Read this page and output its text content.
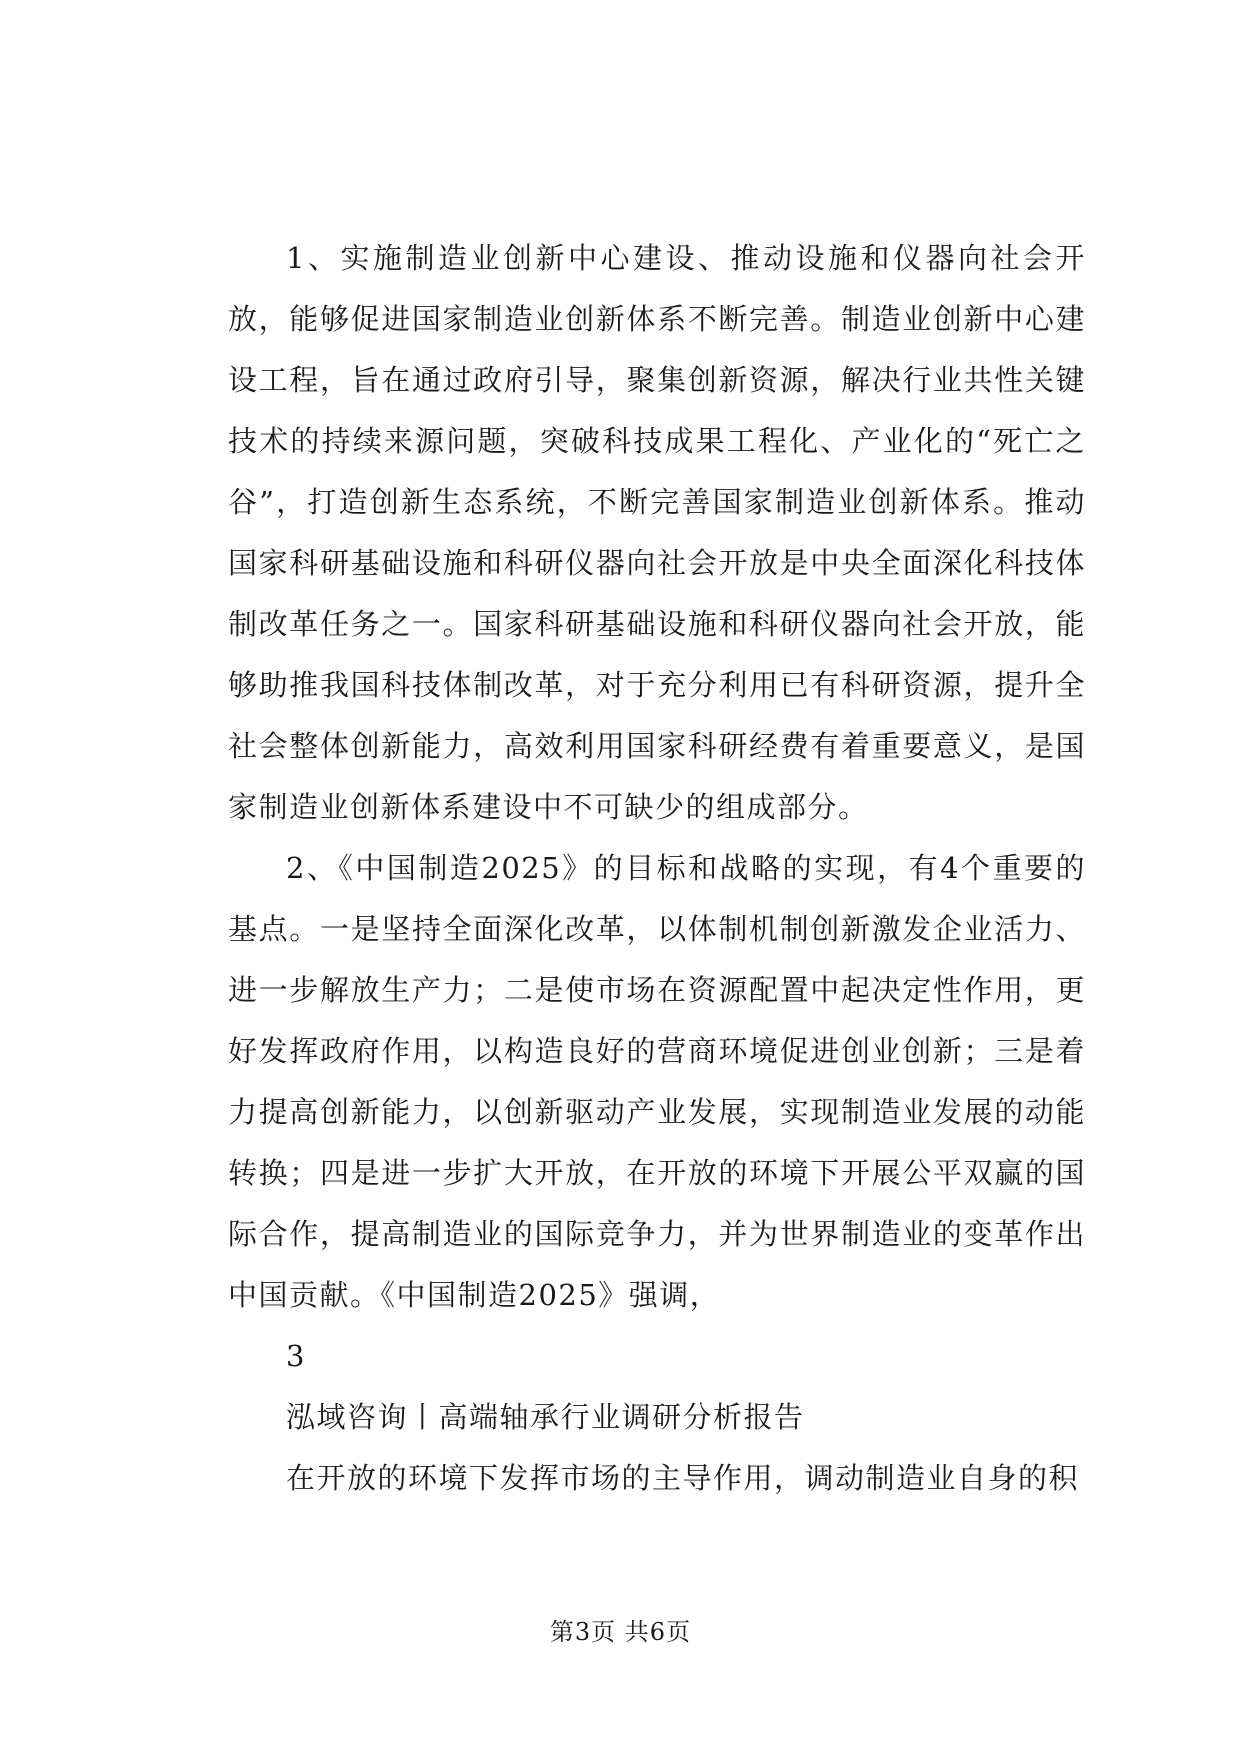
1、实施制造业创新中心建设、推动设施和仪器向社会开放，能够促进国家制造业创新体系不断完善。制造业创新中心建设工程，旨在通过政府引导，聚集创新资源，解决行业共性关键技术的持续来源问题，突破科技成果工程化、产业化的“死亡之谷”，打造创新生态系统，不断完善国家制造业创新体系。推动国家科研基础设施和科研仪器向社会开放是中央全面深化科技体制改革任务之一。国家科研基础设施和科研仪器向社会开放，能够助推我国科技体制改革，对于充分利用已有科研资源，提升全社会整体创新能力，高效利用国家科研经费有着重要意义，是国家制造业创新体系建设中不可缺少的组成部分。

2、《中国制造2025》的目标和战略的实现，有4个重要的基点。一是坚持全面深化改革，以体制机制创新激发企业活力、进一步解放生产力；二是使市场在资源配置中起决定性作用，更好发挥政府作用，以构造良好的营商环境促进创业创新；三是着力提高创新能力，以创新驱动产业发展，实现制造业发展的动能转换；四是进一步扩大开放，在开放的环境下开展公平双赢的国际合作，提高制造业的国际竞争力，并为世界制造业的变革作出中国贡献。《中国制造2025》强调，

3

泓域咨询丨高端轴承行业调研分析报告

在开放的环境下发挥市场的主导作用，调动制造业自身的积

第3页 共6页
